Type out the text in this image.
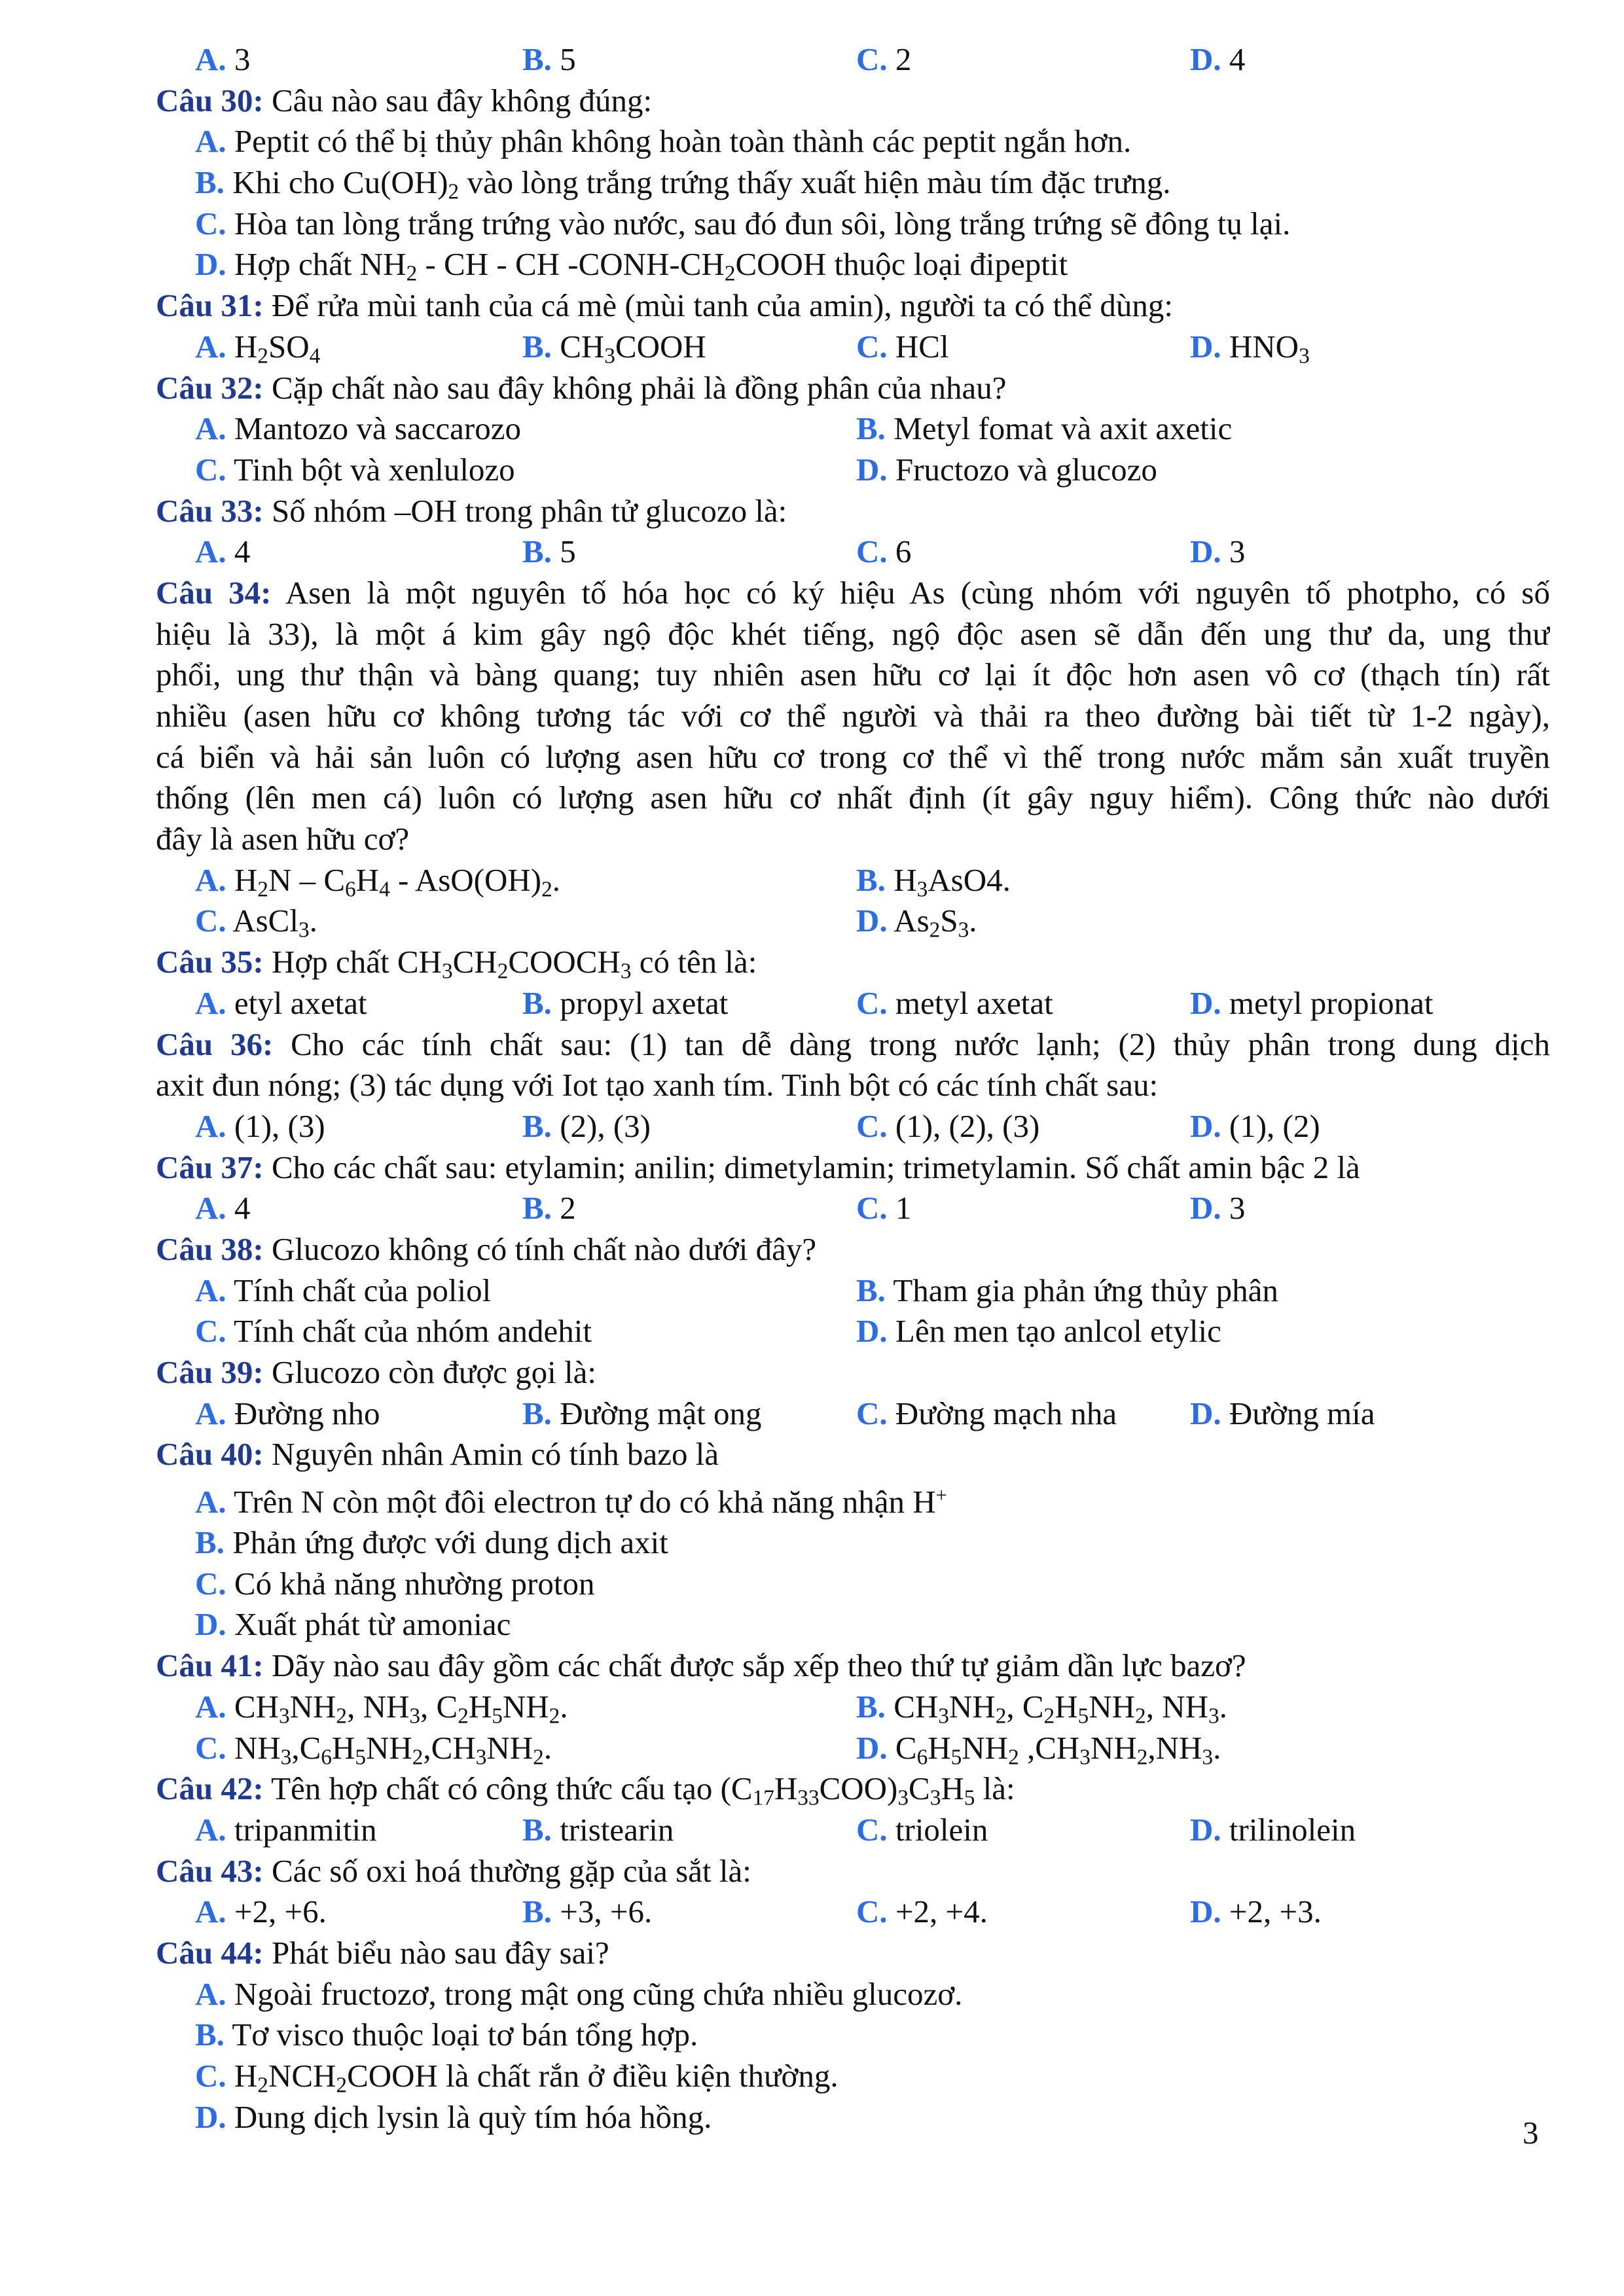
A. 3	B. 5	C. 2	D. 4
Câu 30: Câu nào sau đây không đúng:
A. Peptit có thể bị thủy phân không hoàn toàn thành các peptit ngắn hơn.
B. Khi cho $Cu(OH)_2$ vào lòng trắng trứng thấy xuất hiện màu tím đặc trưng.
C. Hòa tan lòng trắng trứng vào nước, sau đó đun sôi, lòng trắng trứng sẽ đông tụ lại.
D. Hợp chất $NH_2$ - CH - CH $-CONH-CH_2COOH$ thuộc loại đipeptit
Câu 31: Để rửa mùi tanh của cá mè (mùi tanh của amin), người ta có thể dùng:
A. $H_2SO_4$	B. $CH_3COOH$	C. HCl	D. $HNO_3$
Câu 32: Cặp chất nào sau đây không phải là đồng phân của nhau?
A. Mantozo và saccarozo	B. Metyl fomat và axit axetic
C. Tinh bột và xenlulozo	D. Fructozo và glucozo
Câu 33: Số nhóm –OH trong phân tử glucozo là:
A. 4	B. 5	C. 6	D. 3
Câu 34: Asen là một nguyên tố hóa học có ký hiệu As (cùng nhóm với nguyên tố photpho, có số
hiệu là 33), là một á kim gây ngộ độc khét tiếng, ngộ độc asen sẽ dẫn đến ung thư da, ung thư
phổi, ung thư thận và bàng quang; tuy nhiên asen hữu cơ lại ít độc hơn asen vô cơ (thạch tín) rất
nhiều (asen hữu cơ không tương tác với cơ thể người và thải ra theo đường bài tiết từ 1-2 ngày),
cá biển và hải sản luôn có lượng asen hữu cơ trong cơ thể vì thế trong nước mắm sản xuất truyền
thống (lên men cá) luôn có lượng asen hữu cơ nhất định (ít gây nguy hiểm). Công thức nào dưới
đây là asen hữu cơ?
A. $H_2N - C_6H_4 - AsO(OH)_2$.	B. $H_3AsO4$.
C. AsCl$_3$.	D. $As_2S_3$.
Câu 35: Hợp chất $CH_3CH_2COOCH_3$ có tên là:
A. etyl axetat	B. propyl axetat	C. metyl axetat	D. metyl propionat
Câu 36: Cho các tính chất sau: (1) tan dễ dàng trong nước lạnh; (2) thủy phân trong dung dịch
axit đun nóng; (3) tác dụng với Iot tạo xanh tím. Tinh bột có các tính chất sau:
A. (1), (3)	B. (2), (3)	C. (1), (2), (3)	D. (1), (2)
Câu 37: Cho các chất sau: etylamin; anilin; dimetylamin; trimetylamin. Số chất amin bậc 2 là
A. 4	B. 2	C. 1	D. 3
Câu 38: Glucozo không có tính chất nào dưới đây?
A. Tính chất của poliol	B. Tham gia phản ứng thủy phân
C. Tính chất của nhóm andehit	D. Lên men tạo anlcol etylic
Câu 39: Glucozo còn được gọi là:
A. Đường nho	B. Đường mật ong	C. Đường mạch nha D. Đường mía
Câu 40: Nguyên nhân Amin có tính bazo là
A. Trên N còn một đôi electron tự do có khả năng nhận H+
B. Phản ứng được với dung dịch axit
C. Có khả năng nhường proton
D. Xuất phát từ amoniac
Câu 41: Dãy nào sau đây gồm các chất được sắp xếp theo thứ tự giảm dần lực bazơ?
A. $CH_3NH_2$, $NH_3$, $C_2H_5NH_2$.	B. $CH_3NH_2$, $C_2H_5NH_2$, $NH_3$.
C. $NH_3,C_6H_5NH_2,CH_3NH_2$.	D. $C_6H_5NH_2$ $,CH_3NH_2,NH_3$.
Câu 42: Tên hợp chất có công thức cấu tạo $(C_{17}H_{33}COO)_3C_3H_5$ là:
A. tripanmitin	B. tristearin	C. triolein	D. trilinolein
Câu 43: Các số oxi hoá thường gặp của sắt là:
A. +2, +6.	B. +3, +6.	C. +2, +4.	D. +2, +3.
Câu 44: Phát biểu nào sau đây sai?
A. Ngoài fructozơ, trong mật ong cũng chứa nhiều glucozơ.
B. Tơ visco thuộc loại tơ bán tổng hợp.
C. $H_2NCH_2COOH$ là chất rắn ở điều kiện thường.
D. Dung dịch lysin là quỳ tím hóa hồng.	3
